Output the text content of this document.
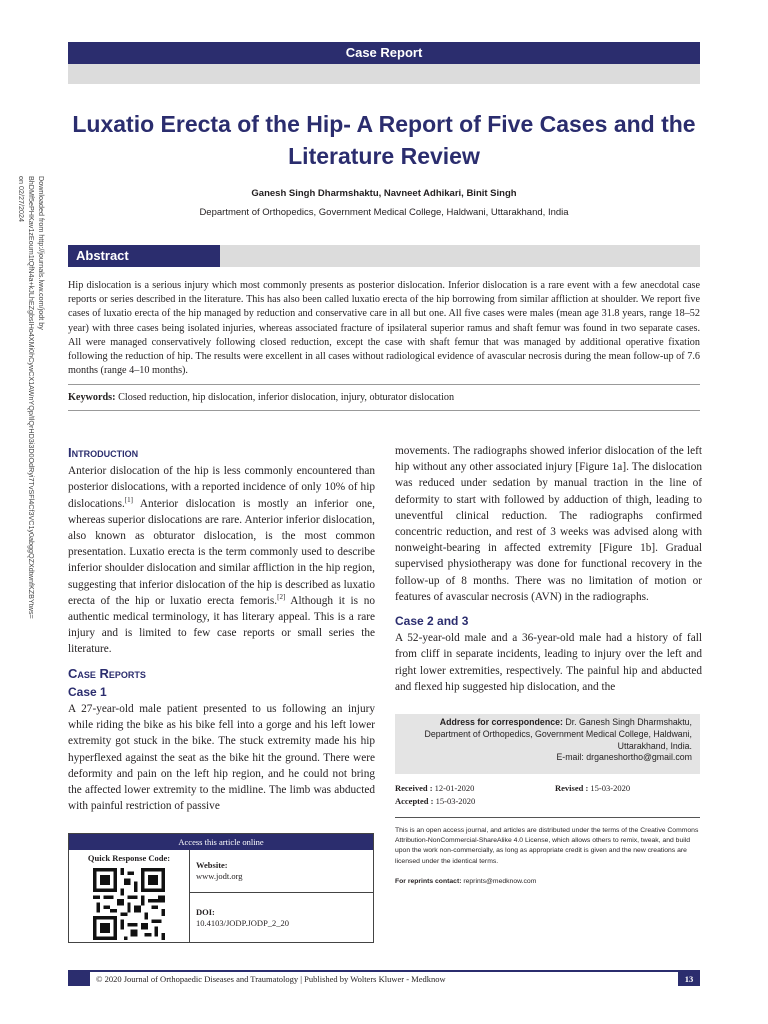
Case Report
Downloaded from http://journals.lww.com/jodt by BhDMf5ePHKav1zEoum1tQfN4a+kJLhEZgbsIHo4XMi0hCywCX1AWnYQp/IlQrHD3i3D0OdRyi7TvSFl4Cf3VC1y0abggQZXdtwnfKZBYtws= on 02/27/2024
Luxatio Erecta of the Hip- A Report of Five Cases and the Literature Review
Ganesh Singh Dharmshaktu, Navneet Adhikari, Binit Singh
Department of Orthopedics, Government Medical College, Haldwani, Uttarakhand, India
Abstract

Hip dislocation is a serious injury which most commonly presents as posterior dislocation. Inferior dislocation is a rare event with a few anecdotal case reports or series described in the literature. This has also been called luxatio erecta of the hip borrowing from similar affliction at shoulder. We report five cases of luxatio erecta of the hip managed by reduction and conservative care in all but one. All five cases were males (mean age 31.8 years, range 18–52 year) with three cases being isolated injuries, whereas associated fracture of ipsilateral superior ramus and shaft femur was found in two separate cases. All were managed conservatively following closed reduction, except the case with shaft femur that was managed by additional operative fixation following the reduction of hip. The results were excellent in all cases without radiological evidence of avascular necrosis during the mean follow-up of 7.6 months (range 4–10 months).

Keywords: Closed reduction, hip dislocation, inferior dislocation, injury, obturator dislocation
Introduction

Anterior dislocation of the hip is less commonly encountered than posterior dislocations, with a reported incidence of only 10% of hip dislocations.[1] Anterior dislocation is mostly an inferior one, whereas superior dislocations are rare. Anterior inferior dislocation, also known as obturator dislocation, is the most common presentation. Luxatio erecta is the term commonly used to describe inferior shoulder dislocation and similar affliction in the hip region, suggesting that inferior dislocation of the hip is described as luxatio erecta of the hip or luxatio erecta femoris.[2] Although it is no authentic medical terminology, it has literary appeal. This is a rare injury and is limited to few case reports or small series the literature.

Case Reports
Case 1

A 27-year-old male patient presented to us following an injury while riding the bike as his bike fell into a gorge and his left lower extremity got stuck in the bike. The stuck extremity made his hip hyperflexed against the seat as the bike hit the ground. There were deformity and pain on the left hip region, and he could not bring the affected lower extremity to the midline. The limb was abducted with painful restriction of passive

movements. The radiographs showed inferior dislocation of the left hip without any other associated injury [Figure 1a]. The dislocation was reduced under sedation by manual traction in the line of deformity to start with followed by adduction of thigh, leading to uneventful clinical reduction. The radiographs confirmed concentric reduction, and rest of 3 weeks was advised along with nonweight-bearing in affected extremity [Figure 1b]. Gradual supervised physiotherapy was done for functional recovery in the follow-up of 8 months. There was no limitation of motion or features of avascular necrosis (AVN) in the radiographs.

Case 2 and 3

A 52-year-old male and a 36-year-old male had a history of fall from cliff in separate incidents, leading to injury over the left and right lower extremities, respectively. The painful hip and abducted and flexed hip suggested hip dislocation, and the

Address for correspondence: Dr. Ganesh Singh Dharmshaktu,
Department of Orthopedics, Government Medical College, Haldwani,
Uttarakhand, India.
E-mail: drganeshortho@gmail.com
Received : 12-01-2020
Accepted : 15-03-2020
Revised : 15-03-2020

This is an open access journal, and articles are distributed under the terms of the Creative Commons Attribution-NonCommercial-ShareAlike 4.0 License, which allows others to remix, tweak, and build upon the work non-commercially, as long as appropriate credit is given and the new creations are licensed under the identical terms.

For reprints contact: reprints@medknow.com
Access this article online
Quick Response Code:
Website:
www.jodt.org
DOI:
10.4103/JODP.JODP_2_20
© 2020 Journal of Orthopaedic Diseases and Traumatology | Published by Wolters Kluwer - Medknow	13
